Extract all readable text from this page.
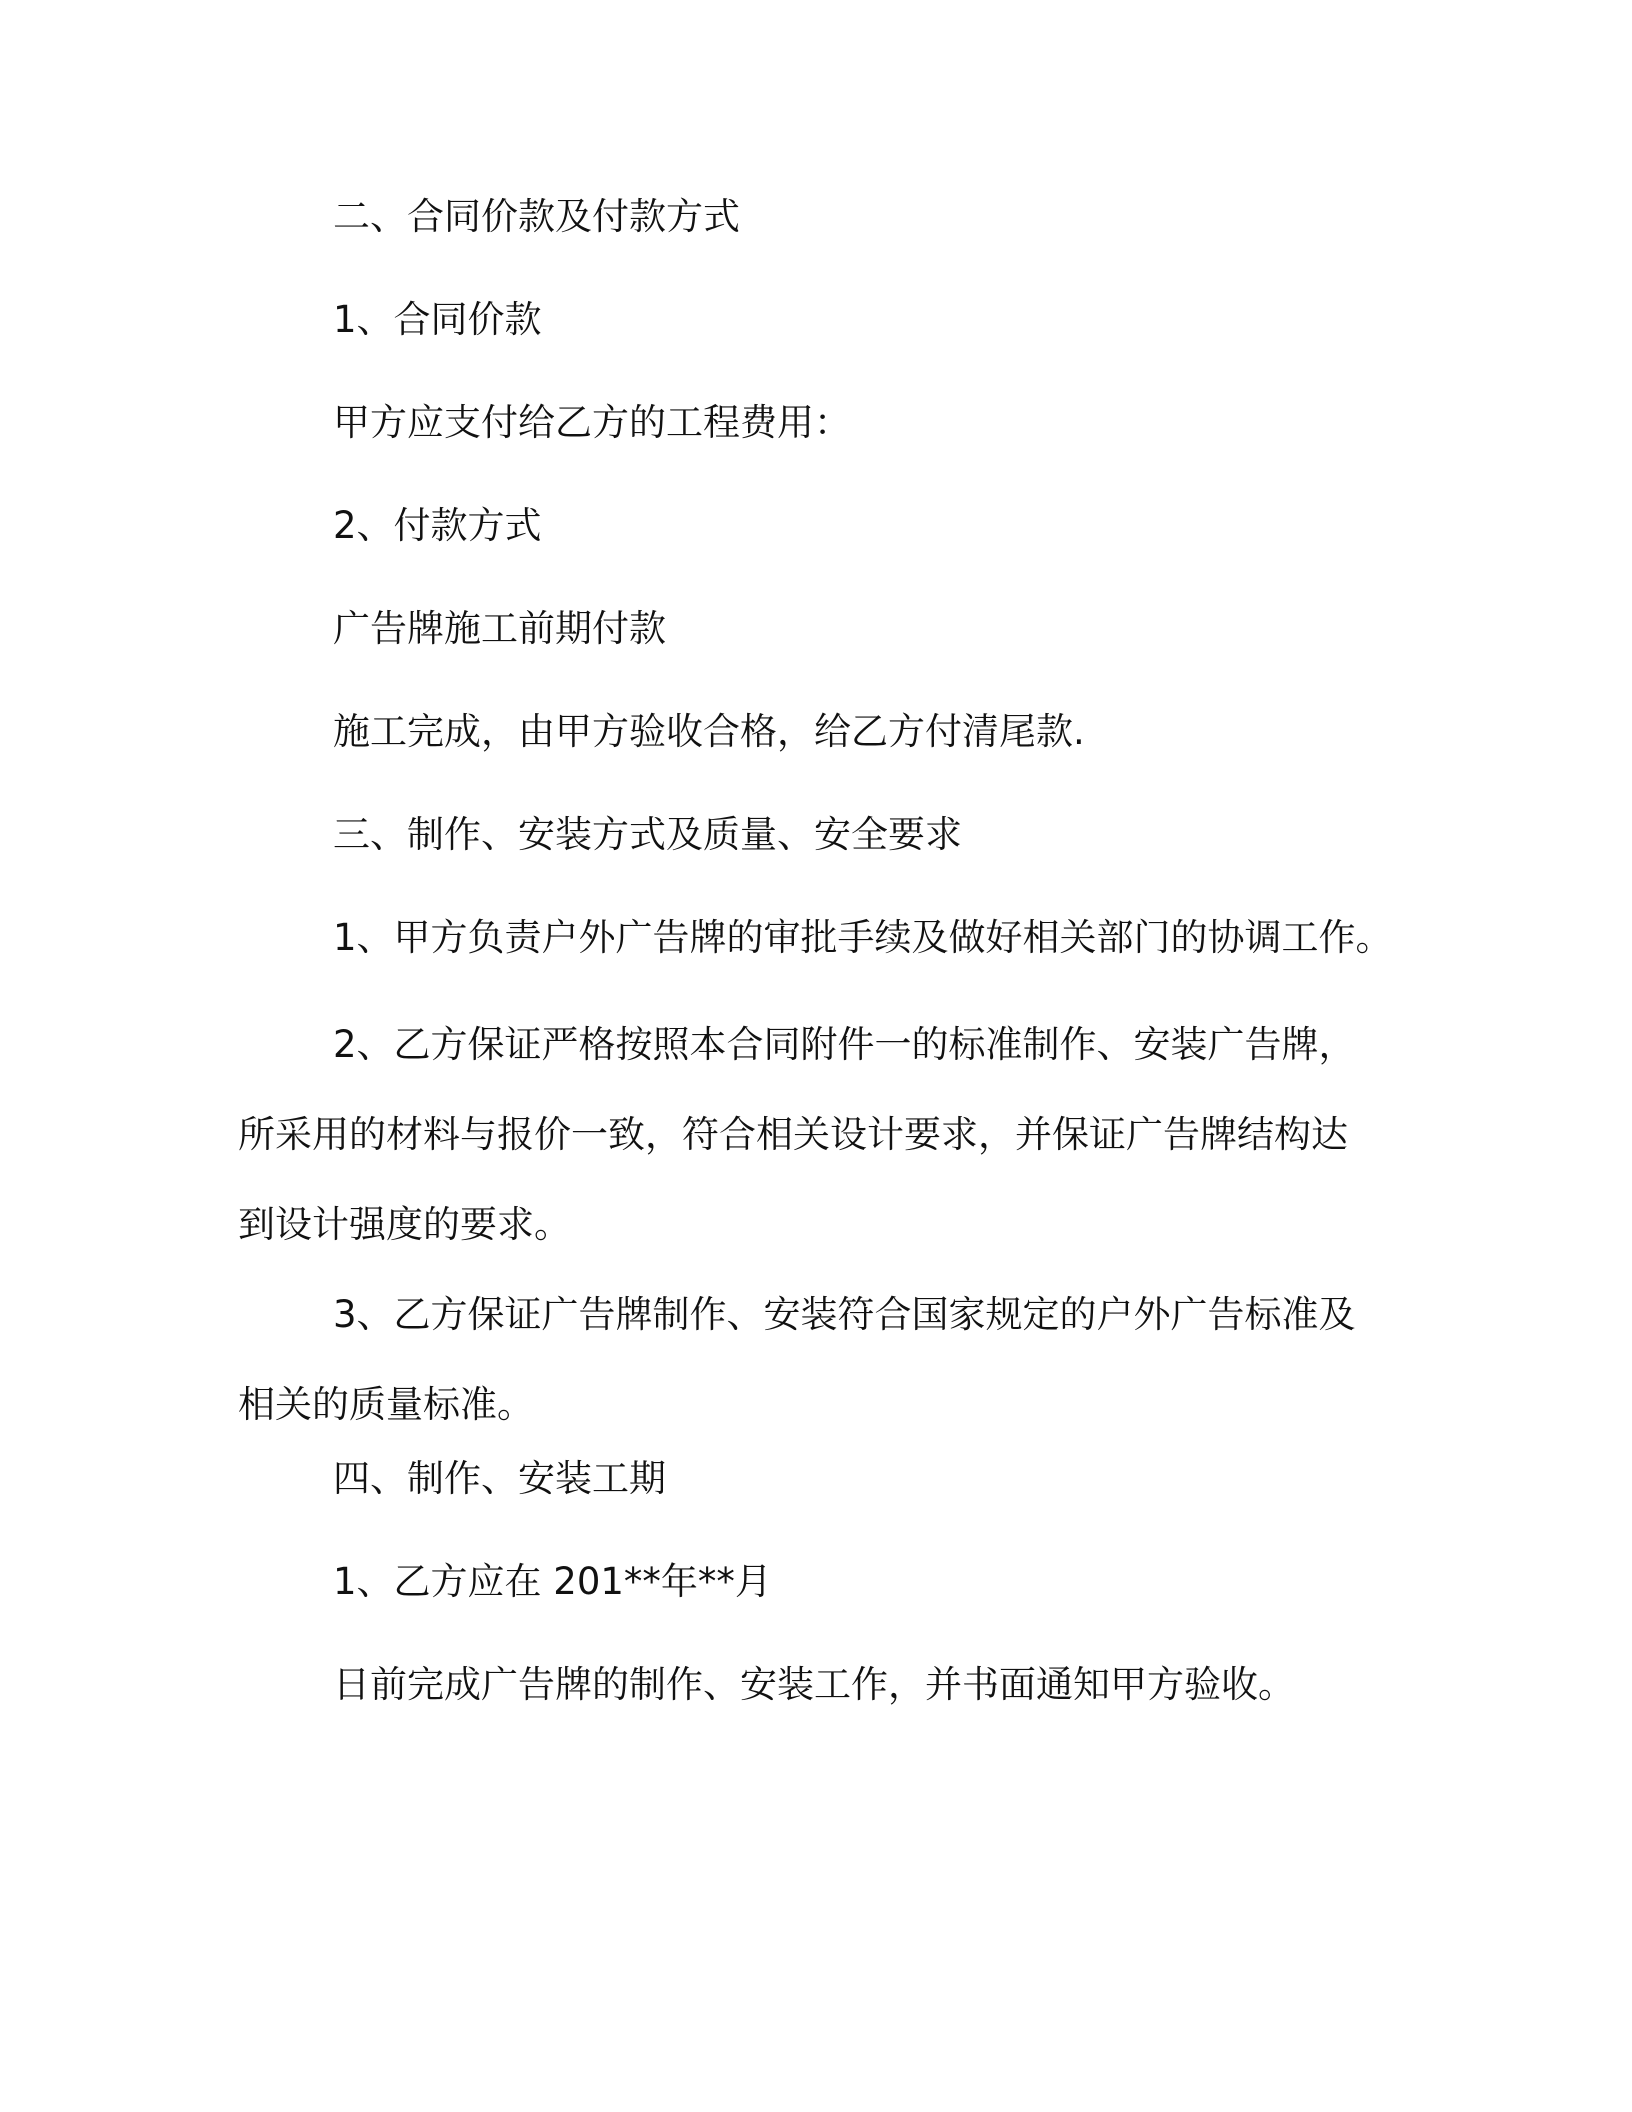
二、合同价款及付款方式
1、合同价款
甲方应支付给乙方的工程费用：
2、付款方式
广告牌施工前期付款
施工完成，由甲方验收合格，给乙方付清尾款.
三、制作、安装方式及质量、安全要求
1、甲方负责户外广告牌的审批手续及做好相关部门的协调工作。
2、乙方保证严格按照本合同附件一的标准制作、安装广告牌，所采用的材料与报价一致，符合相关设计要求，并保证广告牌结构达到设计强度的要求。
3、乙方保证广告牌制作、安装符合国家规定的户外广告标准及相关的质量标准。
四、制作、安装工期
1、乙方应在 201**年**月
日前完成广告牌的制作、安装工作，并书面通知甲方验收。
